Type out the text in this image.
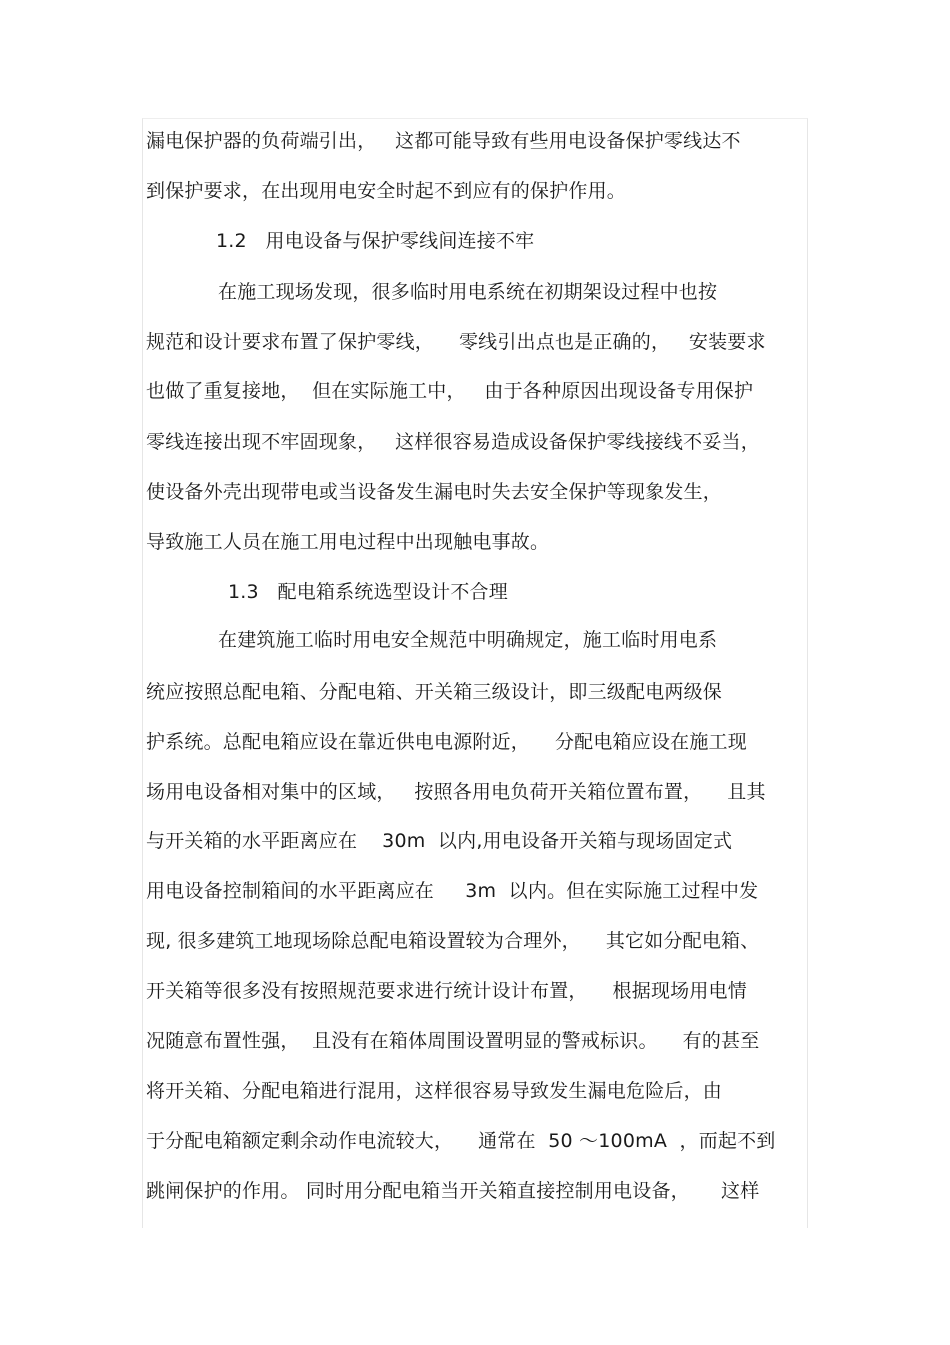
漏电保护器的负荷端引出，   这都可能导致有些用电设备保护零线达不
到保护要求，在出现用电安全时起不到应有的保护作用。
1.2   用电设备与保护零线间连接不牢
在施工现场发现，很多临时用电系统在初期架设过程中也按
规范和设计要求布置了保护零线，    零线引出点也是正确的，   安装要求
也做了重复接地，  但在实际施工中，   由于各种原因出现设备专用保护
零线连接出现不牢固现象，   这样很容易造成设备保护零线接线不妥当，
使设备外壳出现带电或当设备发生漏电时失去安全保护等现象发生，
导致施工人员在施工用电过程中出现触电事故。
1.3   配电箱系统选型设计不合理
在建筑施工临时用电安全规范中明确规定，施工临时用电系
统应按照总配电箱、分配电箱、开关箱三级设计，即三级配电两级保
护系统。总配电箱应设在靠近供电电源附近，    分配电箱应设在施工现
场用电设备相对集中的区域，   按照各用电负荷开关箱位置布置，    且其
与开关箱的水平距离应在    30m  以内,用电设备开关箱与现场固定式
用电设备控制箱间的水平距离应在     3m  以内。但在实际施工过程中发
现, 很多建筑工地现场除总配电箱设置较为合理外，    其它如分配电箱、
开关箱等很多没有按照规范要求进行统计设计布置，    根据现场用电情
况随意布置性强，  且没有在箱体周围设置明显的警戒标识。    有的甚至
将开关箱、分配电箱进行混用，这样很容易导致发生漏电危险后，由
于分配电箱额定剩余动作电流较大，    通常在  50 ～100mA  ，而起不到
跳闸保护的作用。 同时用分配电箱当开关箱直接控制用电设备，     这样
